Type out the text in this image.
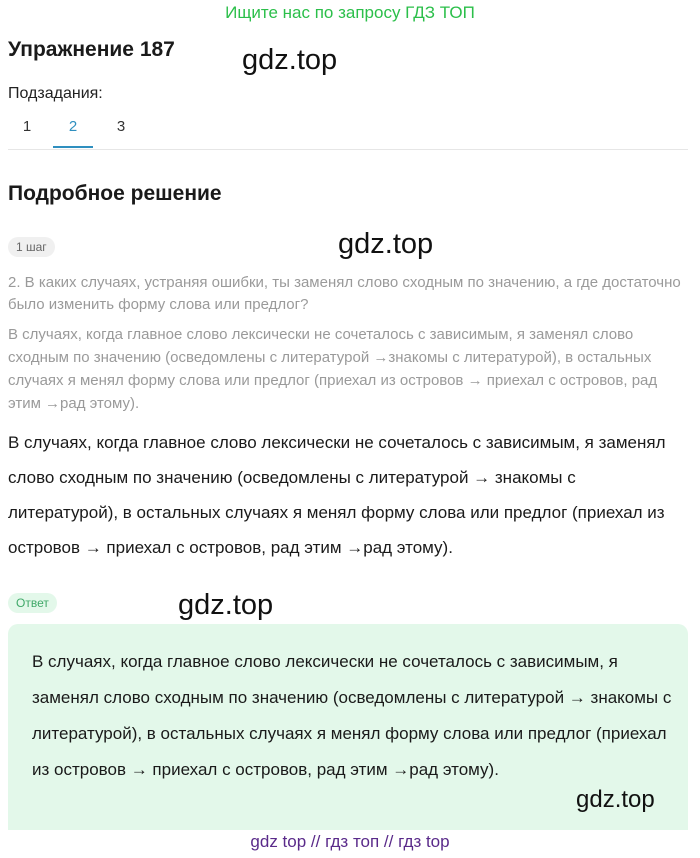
Ищите нас по запросу ГДЗ ТОП
Упражнение 187 gdz.top
Подзадания:
1	2	3
Подробное решение
1 шаг	gdz.top
2. В каких случаях, устраняя ошибки, ты заменял слово сходным по значению, а где достаточно было изменить форму слова или предлог?
В случаях, когда главное слово лексически не сочеталось с зависимым, я заменял слово сходным по значению (осведомлены с литературой →знакомы с литературой), в остальных случаях я менял форму слова или предлог (приехал из островов → приехал с островов, рад этим →рад этому).
В случаях, когда главное слово лексически не сочеталось с зависимым, я заменял слово сходным по значению (осведомлены с литературой → знакомы с литературой), в остальных случаях я менял форму слова или предлог (приехал из островов → приехал с островов, рад этим →рад этому).
Ответ	gdz.top
В случаях, когда главное слово лексически не сочеталось с зависимым, я заменял слово сходным по значению (осведомлены с литературой → знакомы с литературой), в остальных случаях я менял форму слова или предлог (приехал из островов → приехал с островов, рад этим →рад этому).
gdz.top
gdz top // гдз топ // гдз top
